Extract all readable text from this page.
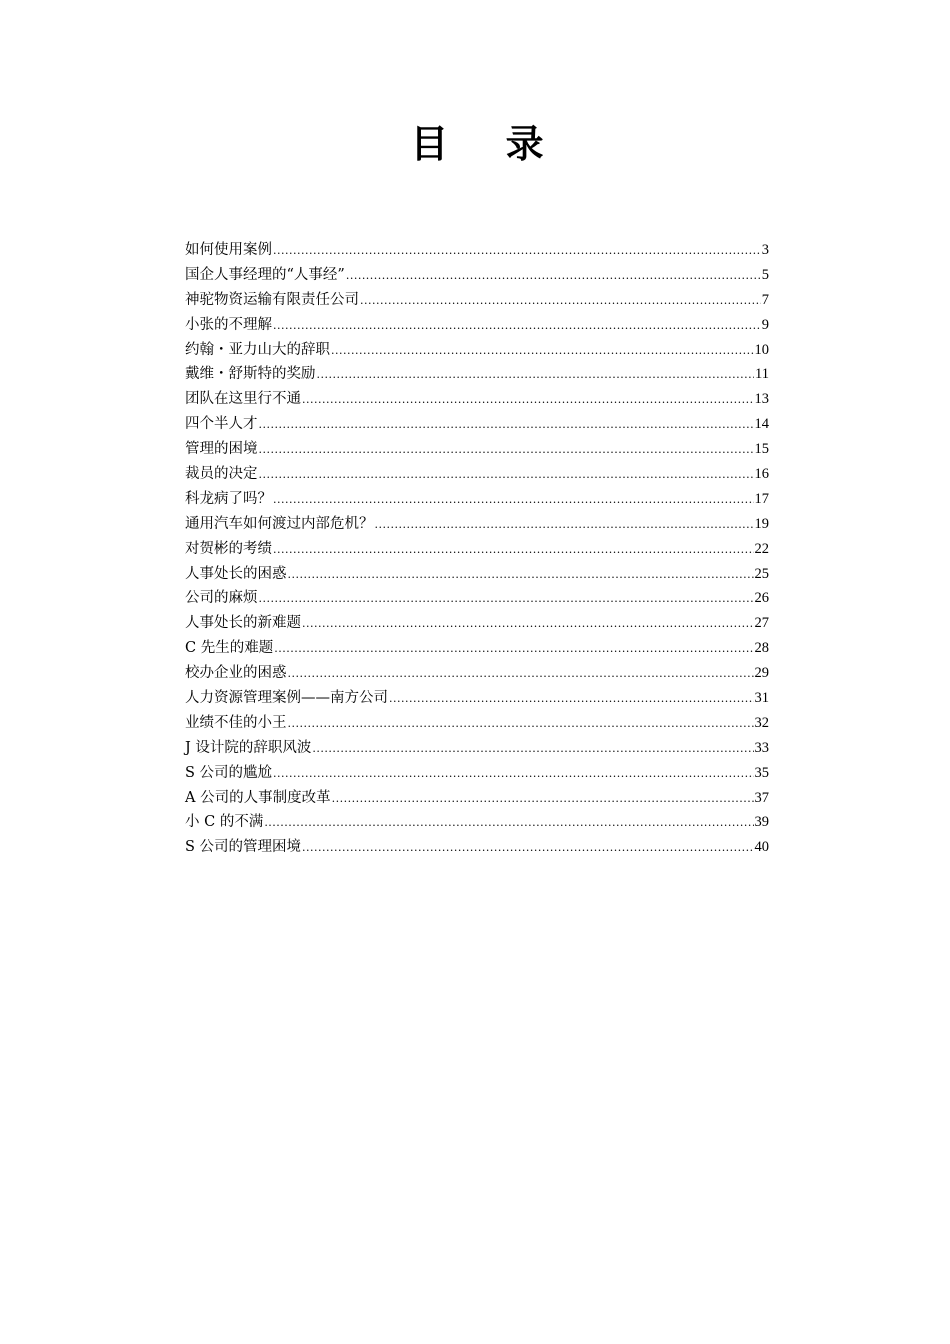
目 录
如何使用案例 .....	3
国企人事经理的“人事经” .....	5
神驼物资运输有限责任公司 .....	7
小张的不理解 .....	9
约翰・亚力山大的辞职 .....	10
戴维・舒斯特的奖励 .....	11
团队在这里行不通 .....	13
四个半人才 .....	14
管理的困境 .....	15
裁员的决定 .....	16
科龙病了吗？ .....	17
通用汽车如何渡过内部危机？ .....	19
对贺彬的考绩 .....	22
人事处长的困惑 .....	25
公司的麻烦 .....	26
人事处长的新难题 .....	27
C 先生的难题 .....	28
校办企业的困惑 .....	29
人力资源管理案例——南方公司 .....	31
业绩不佳的小王 .....	32
J 设计院的辞职风波 .....	33
S 公司的尴尬 .....	35
A 公司的人事制度改革 .....	37
小 C 的不满 .....	39
S 公司的管理困境 .....	40
